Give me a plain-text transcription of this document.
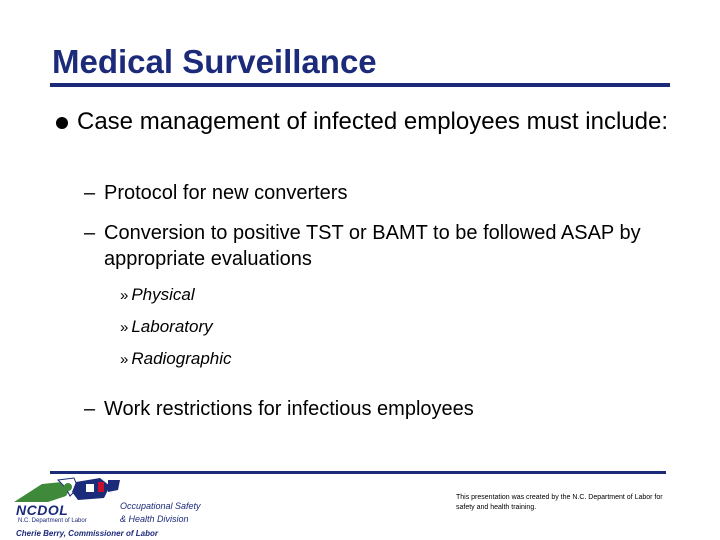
Medical Surveillance
Case management of infected employees must include:
– Protocol for new converters
– Conversion to positive TST or BAMT to be followed ASAP by appropriate evaluations
» Physical
» Laboratory
» Radiographic
– Work restrictions for infectious employees
NCDOL
N.C. Department of Labor
Occupational Safety
& Health Division
Cherie Berry, Commissioner of Labor
This presentation was created by the N.C. Department of Labor for safety and health training.
